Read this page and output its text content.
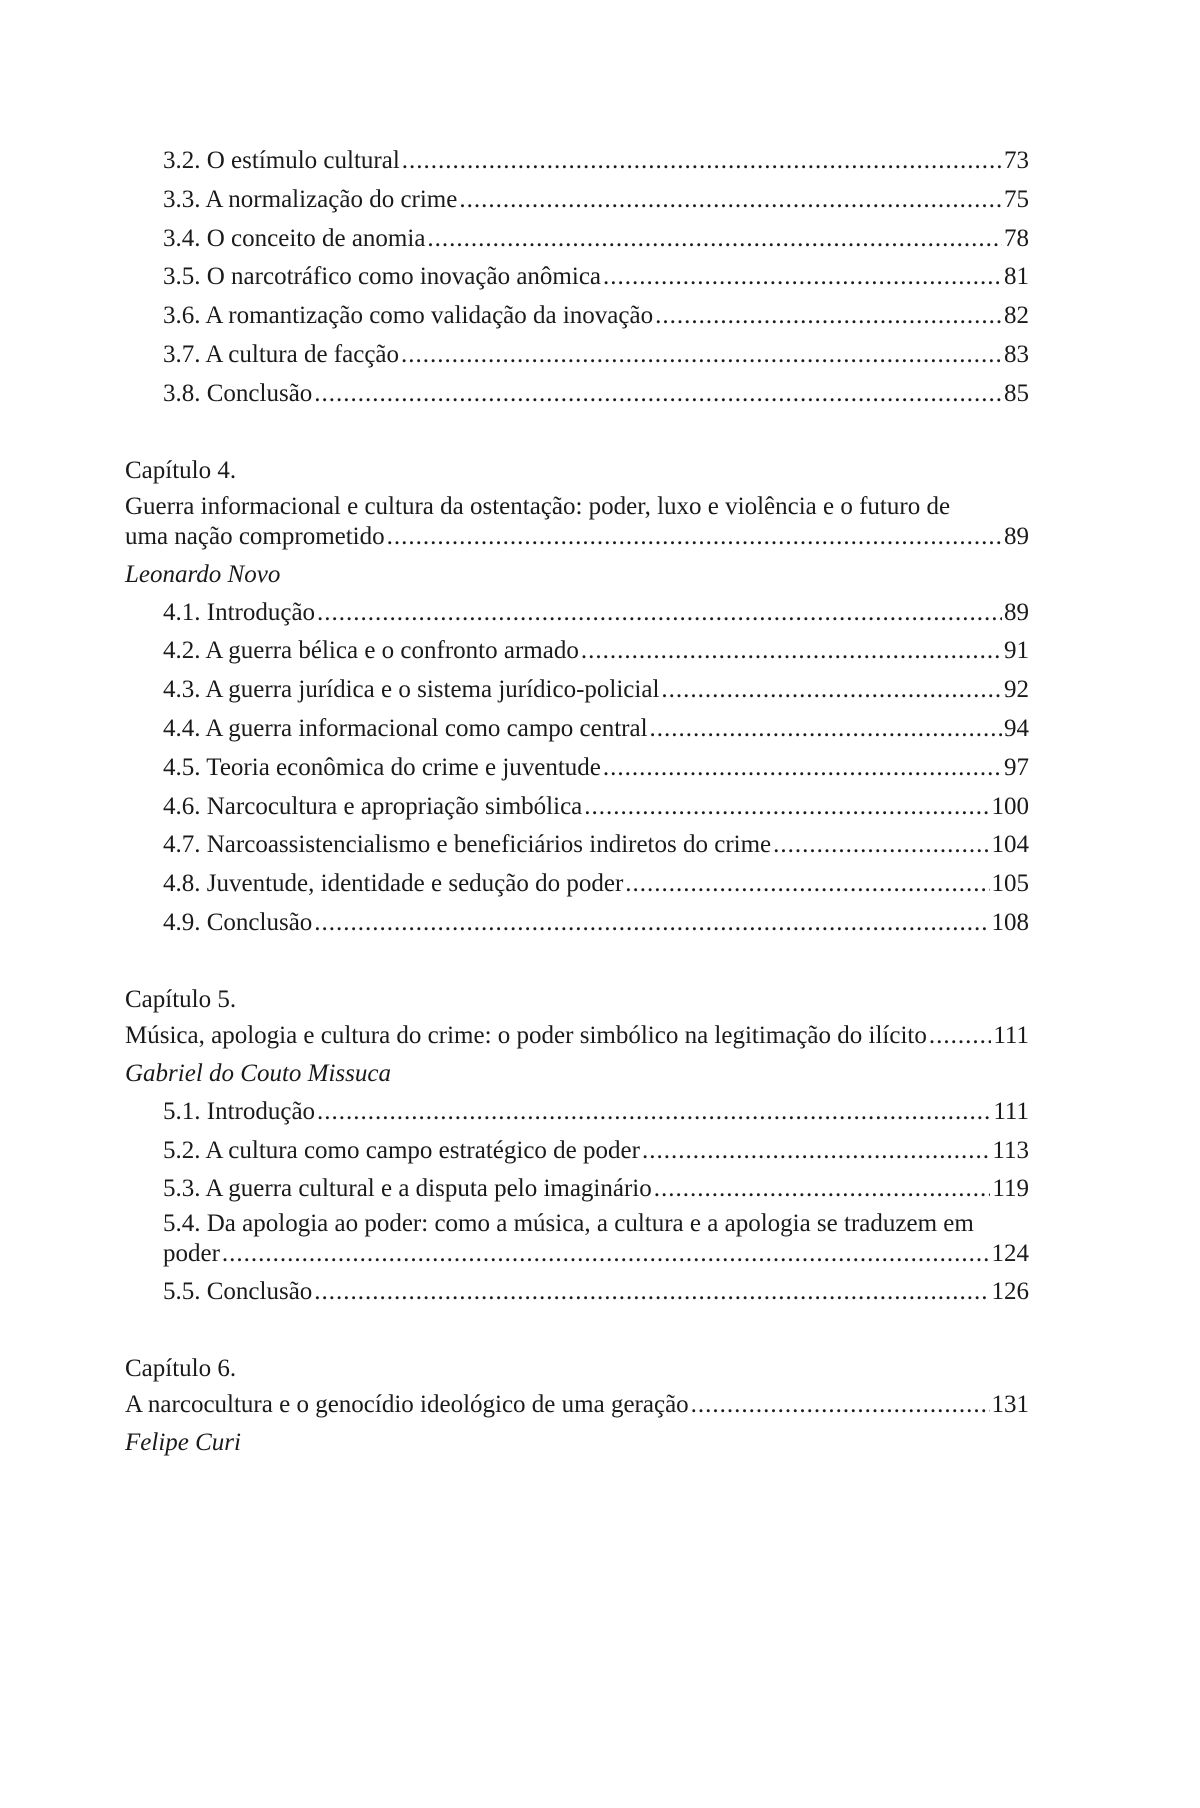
3.2. O estímulo cultural .....	73
3.3. A normalização do crime .....	75
3.4. O conceito de anomia .....	78
3.5. O narcotráfico como inovação anômica .....	81
3.6. A romantização como validação da inovação .....	82
3.7. A cultura de facção .....	83
3.8. Conclusão .....	85
Capítulo 4.
Guerra informacional e cultura da ostentação: poder, luxo e violência e o futuro de
uma nação comprometido .....	89
Leonardo Novo
4.1. Introdução .....	89
4.2. A guerra bélica e o confronto armado .....	91
4.3. A guerra jurídica e o sistema jurídico-policial .....	92
4.4. A guerra informacional como campo central .....	94
4.5. Teoria econômica do crime e juventude .....	97
4.6. Narcocultura e apropriação simbólica .....	100
4.7. Narcoassistencialismo e beneficiários indiretos do crime .....	104
4.8. Juventude, identidade e sedução do poder .....	105
4.9. Conclusão .....	108
Capítulo 5.
Música, apologia e cultura do crime: o poder simbólico na legitimação do ilícito .....	111
Gabriel do Couto Missuca
5.1. Introdução .....	111
5.2. A cultura como campo estratégico de poder .....	113
5.3. A guerra cultural e a disputa pelo imaginário .....	119
5.4. Da apologia ao poder: como a música, a cultura e a apologia se traduzem em
poder .....	124
5.5. Conclusão .....	126
Capítulo 6.
A narcocultura e o genocídio ideológico de uma geração .....	131
Felipe Curi
